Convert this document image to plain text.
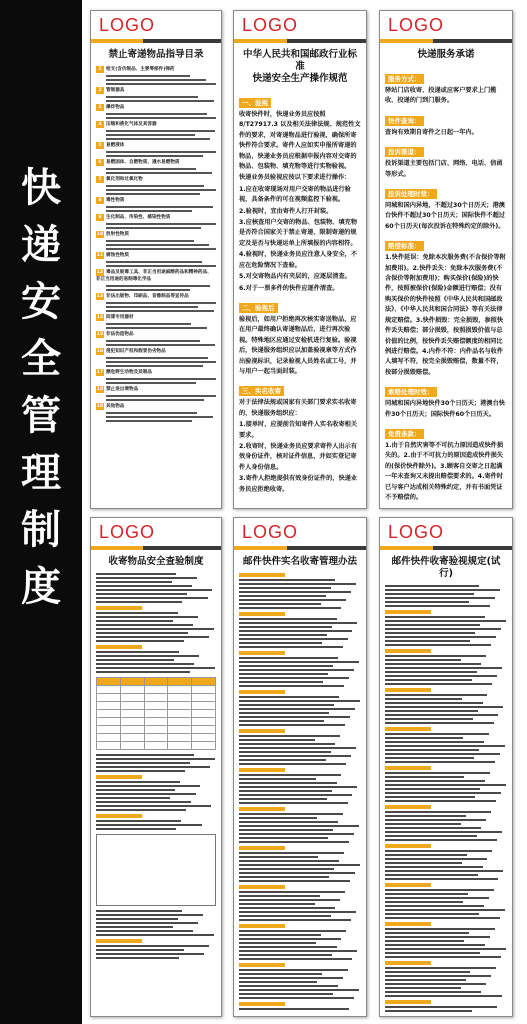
快
递
安
全
管
理
制
度
LOGO
禁止寄递物品指导目录
1 枪支(含仿制品、主要零部件)弹药
2 管制器具
3 爆炸物品
4 压缩和液化气体及其容器
5 易燃液体
6 易燃固体、自燃物质、遇水易燃物质
7 氧化剂和过氧化物
8 毒性物质
9 生化制品、传染性、感染性物质
10 放射性物质
11 腐蚀性物质
12 毒品及吸毒工具、非正当用途麻醉药品和精神药品、非正当用途的易制毒化学品
13 非法出版物、印刷品、音像制品等宣传品
14 间谍专用器材
15 非法伪造物品
16 侵犯知识产权和假冒伪劣物品
17 濒危野生动物及其制品
18 禁止进出境物品
19 其他物品
LOGO
中华人民共和国邮政行业标准
快递安全生产操作规范
一、验视
收寄快件时，快递业务员应按照 8/T27917.3 以及相关法律法规、规范性文件的要求，对寄递物品进行验视，确保所寄快件符合要求。寄件人应如实申报所寄递的物品，快递业务员应根据申报内容对交寄的物品、包装物、填充物等进行实物验视。
快递业务员验视应按以下要求进行操作：
1.应在收寄现场对用户交寄的物品进行验视，具备条件的可在视频监控下验视。
2.验视时，宜由寄件人打开封装。
3.应核查用户交寄的物品、包装物、填充物是否符合国家关于禁止寄递、限制寄递的规定及是否与快递运单上所填报的内容相符。
4.验视时，快递业务员应注意人身安全，不应在危险情况下查验。
5.对交寄物品内有夹层的，应逐层清查。
6.对于一票多件的快件应逐件清查。
二、验视后
验视后，如用户拒绝再次核实寄送物品，应在用户最终确认寄递物品后，进行再次验视。特殊地区应通过安检机进行复验。验视后，快递服务组织应以加盖验视章等方式作出验视标识，记录验视人员姓名或工号，并与用户一起当面封装。
三、实名收寄
对于法律法规或国家有关部门要求实名收寄的，快递服务组织应：
1.接单时，应提前告知寄件人实名收寄相关要求。
2.收寄时，快递业务员应要求寄件人出示有效身份证件，核对证件信息，并如实登记寄件人身份信息。
3.寄件人拒绝提供有效身份证件的，快递业务员应拒绝收寄。
LOGO
快递服务承诺
服务方式：
驿站门店收寄、投递或应客户要求上门揽收、投递的门到门服务。
快件查询：
查询有效期自寄件之日起一年内。
投诉渠道：
投诉渠道主要包括门店、网络、电话、信函等形式。
投诉处理时效：
同城和国内异地，不超过30个日历天；港澳台快件不超过30个日历天；国际快件不超过60个日历天(每次投诉在特殊约定的除外)。
赔偿标准：
1.快件延误：免除本次服务费(不含保价等附加费用)。2.快件丢失：免除本次服务费(不含保价等附加费用)；购买保价(保险)的快件，按照被保价(保险)金额进行赔偿；没有购买保价的快件按照《中华人民共和国邮政法》、《中华人民共和国合同法》等有关法律规定赔偿。3.快件损毁：完全损毁，参照快件丢失赔偿；部分损毁，按照损毁价值与总价值的比例，按快件丢失赔偿额度的相同比例进行赔偿。4.内件不符：内件品名与收件人填写不符，按完全损毁赔偿，数量不符，按部分损毁赔偿。
索赔处理时效：
同城和国内异地快件30个日历天；港澳台快件30个日历天；国际快件60个日历天。
免责条款：
1.由于自然灾害等不可抗力原因造成快件损失的。2.由于不可抗力的原因造成快件损失的(保价快件除外)。3.顾客自交寄之日起满一年未查询又未提出赔偿要求的。4.寄件时已与客户达成相关特殊约定，并有书面凭证不予赔偿的。
LOGO
收寄物品安全查验制度

LOGO
邮件快件实名收寄管理办法
LOGO
邮件快件收寄验视规定(试行)
